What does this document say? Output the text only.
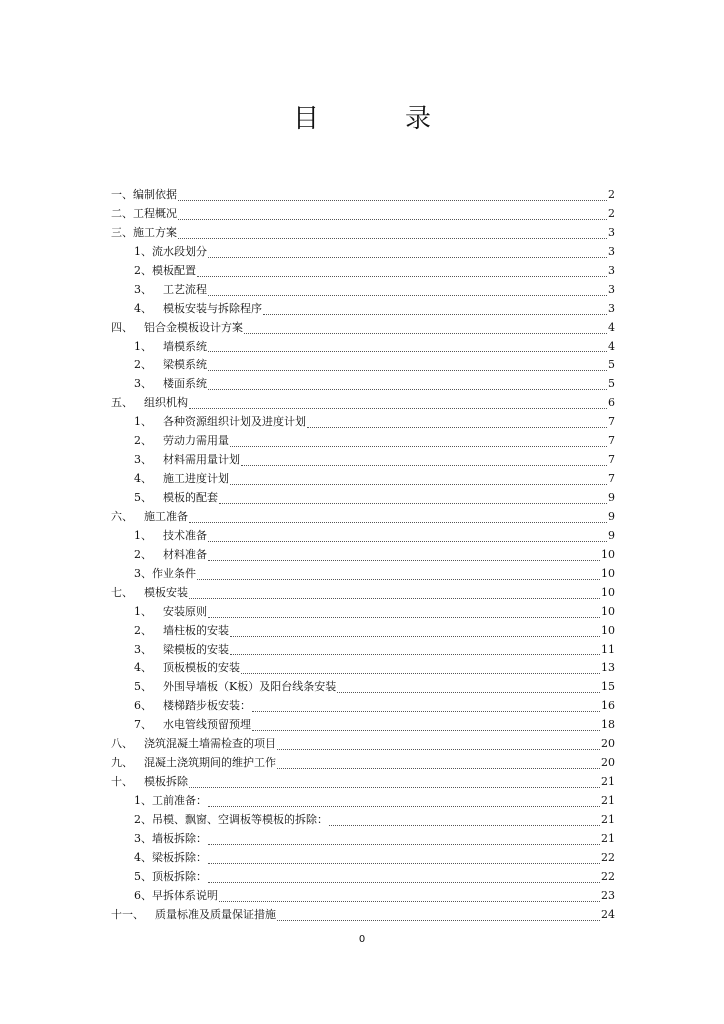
目　录
一、 编制依据	2
二、 工程概况	2
三、 施工方案	3
1、 流水段划分	3
2、 模板配置	3
3、 　工艺流程	3
4、 　模板安装与拆除程序	3
四、 　铝合金模板设计方案	4
1、 　墙模系统	4
2、 　梁模系统	5
3、 　楼面系统	5
五、 　组织机构	6
1、 　各种资源组织计划及进度计划	7
2、 　劳动力需用量	7
3、 　材料需用量计划	7
4、 　施工进度计划	7
5、 　模板的配套	9
六、 　施工准备	9
1、 　技术准备	9
2、 　材料准备	10
3、 作业条件	10
七、 　模板安装	10
1、 　安装原则	10
2、 　墙柱板的安装	10
3、 　梁模板的安装	11
4、 　顶板模板的安装	13
5、 　外围导墙板（K板）及阳台线条安装	15
6、 　楼梯踏步板安装：	16
7、 　水电管线预留预埋	18
八、 　浇筑混凝土墙需检查的项目	20
九、 　混凝土浇筑期间的维护工作	20
十、 　模板拆除	21
1、 工前准备：	21
2、 吊模、飘窗、空调板等模板的拆除：	21
3、 墙板拆除：	21
4、 梁板拆除：	22
5、 顶板拆除：	22
6、 早拆体系说明	23
十一、 　质量标准及质量保证措施	24
0
